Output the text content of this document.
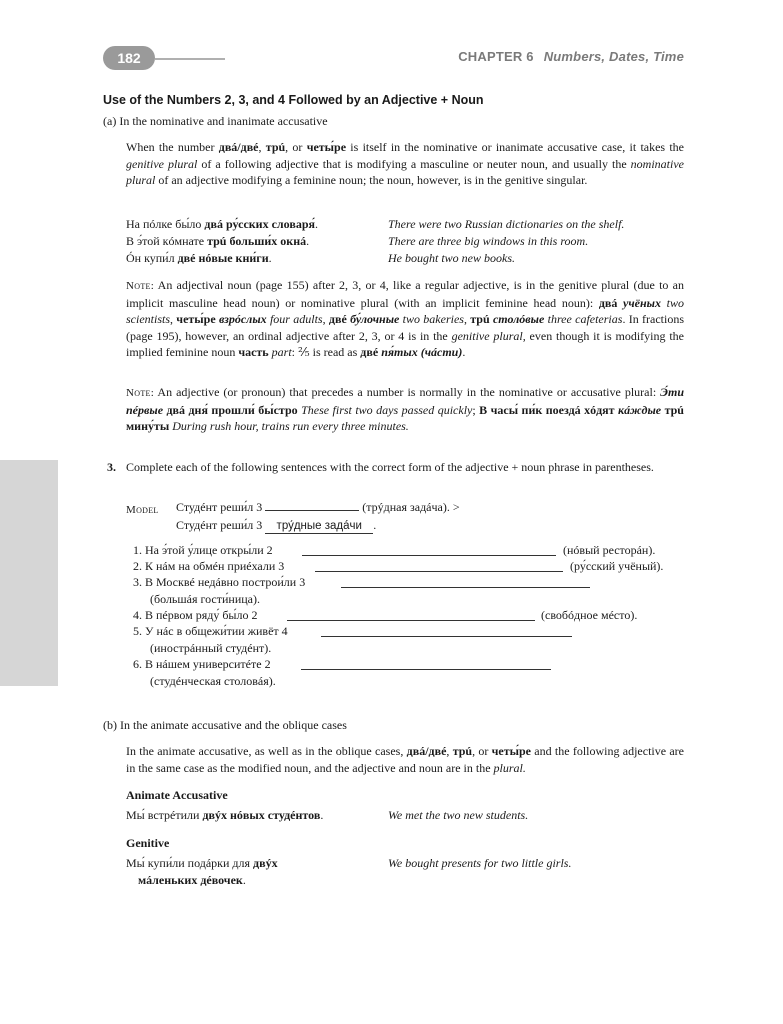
182	CHAPTER 6 Numbers, Dates, Time
Use of the Numbers 2, 3, and 4 Followed by an Adjective + Noun
(a) In the nominative and inanimate accusative
When the number двá/двé, трú, or четы́ре is itself in the nominative or inanimate accusative case, it takes the genitive plural of a following adjective that is modifying a masculine or neuter noun, and usually the nominative plural of an adjective modifying a feminine noun; the noun, however, is in the genitive singular.
На пóлке бы́ло двá ру́сских словаря́.	There were two Russian dictionaries on the shelf.
В э́той кóмнате трú больши́х окнá.	There are three big windows in this room.
Óн купи́л двé нóвые кни́ги.	He bought two new books.
Note: An adjectival noun (page 155) after 2, 3, or 4, like a regular adjective, is in the genitive plural (due to an implicit masculine head noun) or nominative plural (with an implicit feminine head noun): двá учёных two scientists, четы́ре взрóслых four adults, двé бу́лочные two bakeries, трú столóвые three cafeterias. In fractions (page 195), however, an ordinal adjective after 2, 3, or 4 is in the genitive plural, even though it is modifying the implied feminine noun часть part: ⅖ is read as двé пя́тых (чáсти).
Note: An adjective (or pronoun) that precedes a number is normally in the nominative or accusative plural: Э́ти пéрвые двá дня́ прошли́ бы́стро These first two days passed quickly; В часы́ пи́к поездá хóдят кáждые трú мину́ты During rush hour, trains run every three minutes.
3. Complete each of the following sentences with the correct form of the adjective + noun phrase in parentheses.
Model Студéнт реши́л 3	(трýдная задáча). >
Студéнт реши́л 3 тру́дные задáчи .
1. На э́той у́лице откры́ли 2	(нóвый ресторáн).
2. К нáм на обмéн приéхали 3	(ру́сский учёный).
3. В Москвé недáвно построи́ли 3
(большáя гости́ница).
4. В пéрвом ряду́ бы́ло 2	(свобóдное мéсто).
5. У нáс в общежи́тии живёт 4
(инострáнный студéнт).
6. В нáшем университéте 2
(студéнческая столовáя).
(b) In the animate accusative and the oblique cases
In the animate accusative, as well as in the oblique cases, двá/двé, трú, or четы́ре and the following adjective are in the same case as the modified noun, and the adjective and noun are in the plural.
Animate Accusative
Мы́ встрéтили двýх нóвых студéнтов.	We met the two new students.
Genitive
Мы́ купи́ли подáрки для двýх
мáленьких дéвочек.
We bought presents for two little girls.
